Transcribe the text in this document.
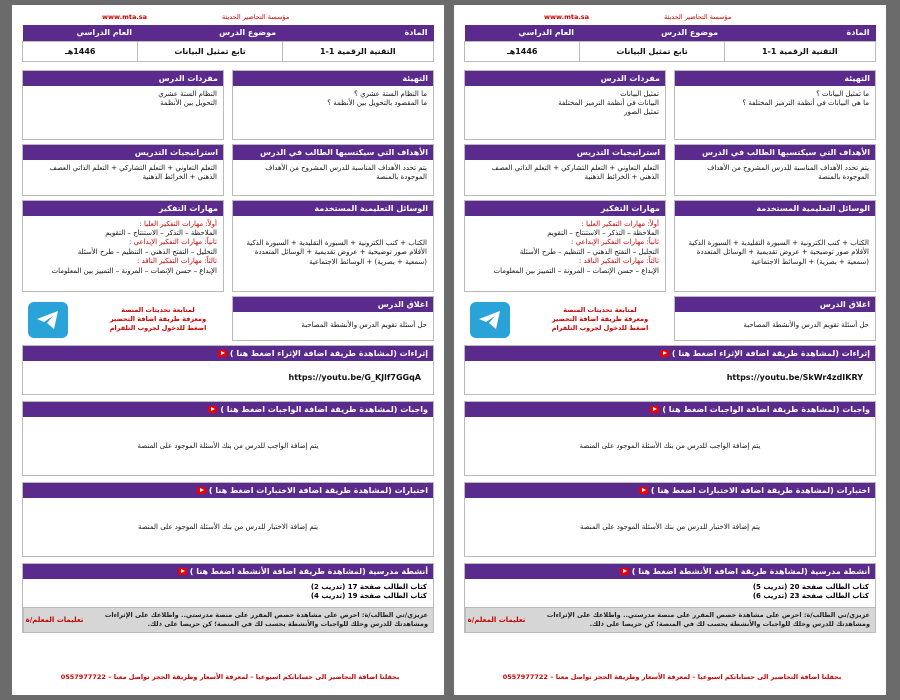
مؤسسة التحاضير الحديثة
www.mta.sa
المادة	موضوع الدرس	العام الدراسي
التقنية الرقمية 1-1	تابع تمثيل البيانات	1446هـ
التهيئة
ما النظام الستة عشري ؟
ما المقصود بالتحويل بين الأنظمة ؟
الأهداف التي سيكتسبها الطالب في الدرس
يتم تحدد الأهداف المناسبة للدرس المشروح من الأهداف الموجودة بالمنصة
الوسائل التعليمية المستخدمة
الكتاب + كتب الكترونية + السبورة التقليدية + السبورة الذكية الأقلام صور توضيحية + عروض تقديمية + الوسائل المتعددة (سمعية + بصرية) + الوسائط الاجتماعية
اغلاق الدرس
حل أسئلة تقويم الدرس والأنشطة المصاحبة
مفردات الدرس
النظام الستة عشري
التحويل بين الأنظمة
استراتيجيات التدريس
التعلم التعاوني + التعلم التشاركي + التعلم الذاتي العصف الذهني + الخرائط الذهنية
مهارات التفكير
أولاً: مهارات التفكير العليا :
الملاحظة – التذكر – الاستنتاج – التقويم
ثانياً: مهارات التفكير الإبداعي :
التحليل – التفتح الذهني – التنظيم – طرح الأسئلة
ثالثاً: مهارات التفكير الناقد :
الإبداع – حسن الإنصات – المرونة – التمييز بين المعلومات
لمتابعة تحديثات المنصة
ومعرفة طريقة اضافة التحضير
اضغط للدخول لجروب التلقرام
إثراءات (لمشاهدة طريقة اضافة الإثراء اضغط هنا )
https://youtu.be/G_KJlf7GGqA
واجبات (لمشاهدة طريقة اضافة الواجبات اضغط هنا )
يتم إضافة الواجب للدرس من بنك الأسئلة الموجود على المنصة
اختبارات (لمشاهدة طريقة اضافة الاختبارات اضغط هنا )
يتم إضافة الاختبار للدرس من بنك الأسئلة الموجود على المنصة
أنشطة مدرسية (لمشاهدة طريقة اضافة الأنشطة اضغط هنا )
كتاب الطالب صفحة 17 (تدريب 2)
كتاب الطالب صفحة 19 (تدريب 4)
عزيزي/تي الطالب/ة: احرص على مشاهدة حصص المقرر على منصة مدرستي.. واطلاعك على الإثراءات ومشاهدتك للدرس وحلك للواجبات والأنشطة يحسب لك في المنصة؛ كن حريصا على ذلك.
تعليمات المعلم/ة
بحقلنا اضافة التحاضير الى حساباتكم اسبوعيا – لمعرفة الأسعار وطريقة الحجز تواصل معنا – 0557977722
مؤسسة التحاضير الحديثة
www.mta.sa
المادة	موضوع الدرس	العام الدراسي
التقنية الرقمية 1-1	تابع تمثيل البيانات	1446هـ
التهيئة
ما تمثيل البيانات ؟
ما هي البيانات في أنظمة الترميز المختلفة ؟
الأهداف التي سيكتسبها الطالب في الدرس
يتم تحدد الأهداف المناسبة للدرس المشروح من الأهداف الموجودة بالمنصة
الوسائل التعليمية المستخدمة
الكتاب + كتب الكترونية + السبورة التقليدية + السبورة الذكية الأقلام صور توضيحية + عروض تقديمية + الوسائل المتعددة (سمعية + بصرية) + الوسائط الاجتماعية
اغلاق الدرس
حل أسئلة تقويم الدرس والأنشطة المصاحبة
مفردات الدرس
تمثيل البيانات
البيانات في أنظمة الترميز المختلفة
تمثيل الصور
استراتيجيات التدريس
التعلم التعاوني + التعلم التشاركي + التعلم الذاتي العصف الذهني + الخرائط الذهنية
مهارات التفكير
أولاً: مهارات التفكير العليا :
الملاحظة – التذكر – الاستنتاج – التقويم
ثانياً: مهارات التفكير الإبداعي :
التحليل – التفتح الذهني – التنظيم – طرح الأسئلة
ثالثاً: مهارات التفكير الناقد :
الإبداع – حسن الإنصات – المرونة – التمييز بين المعلومات
لمتابعة تحديثات المنصة
ومعرفة طريقة اضافة التحضير
اضغط للدخول لجروب التلقرام
إثراءات (لمشاهدة طريقة اضافة الإثراء اضغط هنا )
https://youtu.be/SkWr4zdIKRY
واجبات (لمشاهدة طريقة اضافة الواجبات اضغط هنا )
يتم إضافة الواجب للدرس من بنك الأسئلة الموجود على المنصة
اختبارات (لمشاهدة طريقة اضافة الاختبارات اضغط هنا )
يتم إضافة الاختبار للدرس من بنك الأسئلة الموجود على المنصة
أنشطة مدرسية (لمشاهدة طريقة اضافة الأنشطة اضغط هنا )
كتاب الطالب صفحة 20 (تدريب 5)
كتاب الطالب صفحة 23 (تدريب 6)
عزيزي/تي الطالب/ة: احرص على مشاهدة حصص المقرر على منصة مدرستي.. واطلاعك على الإثراءات ومشاهدتك للدرس وحلك للواجبات والأنشطة يحسب لك في المنصة؛ كن حريصا على ذلك.
تعليمات المعلم/ة
بحقلنا اضافة التحاضير الى حساباتكم اسبوعيا – لمعرفة الأسعار وطريقة الحجز تواصل معنا – 0557977722
